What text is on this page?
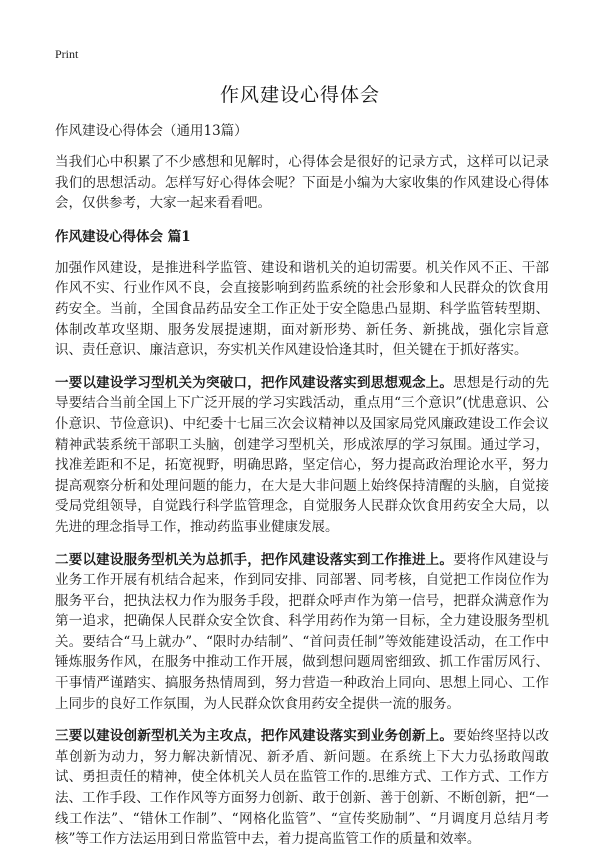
Print
作风建设心得体会
作风建设心得体会（通用13篇）

当我们心中积累了不少感想和见解时，心得体会是很好的记录方式，这样可以记录我们的思想活动。怎样写好心得体会呢？下面是小编为大家收集的作风建设心得体会，仅供参考，大家一起来看看吧。

作风建设心得体会 篇1

加强作风建设，是推进科学监管、建设和谐机关的迫切需要。机关作风不正、干部作风不实、行业作风不良，会直接影响到药监系统的社会形象和人民群众的饮食用药安全。当前，全国食品药品安全工作正处于安全隐患凸显期、科学监管转型期、体制改革攻坚期、服务发展提速期，面对新形势、新任务、新挑战，强化宗旨意识、责任意识、廉洁意识，夯实机关作风建设恰逢其时，但关键在于抓好落实。

一要以建设学习型机关为突破口，把作风建设落实到思想观念上。思想是行动的先导要结合当前全国上下广泛开展的学习实践活动，重点用“三个意识”(忧患意识、公仆意识、节俭意识)、中纪委十七届三次会议精神以及国家局党风廉政建设工作会议精神武装系统干部职工头脑，创建学习型机关，形成浓厚的学习氛围。通过学习，找准差距和不足，拓宽视野，明确思路，坚定信心，努力提高政治理论水平，努力提高观察分析和处理问题的能力，在大是大非问题上始终保持清醒的头脑，自觉接受局党组领导，自觉践行科学监管理念，自觉服务人民群众饮食用药安全大局，以先进的理念指导工作，推动药监事业健康发展。

二要以建设服务型机关为总抓手，把作风建设落实到工作推进上。要将作风建设与业务工作开展有机结合起来，作到同安排、同部署、同考核，自觉把工作岗位作为服务平台，把执法权力作为服务手段，把群众呼声作为第一信号，把群众满意作为第一追求，把确保人民群众安全饮食、科学用药作为第一目标，全力建设服务型机关。要结合“马上就办”、“限时办结制”、“首问责任制”等效能建设活动，在工作中锤炼服务作风，在服务中推动工作开展，做到想问题周密细致、抓工作雷厉风行、干事情严谨踏实、搞服务热情周到，努力营造一种政治上同向、思想上同心、工作上同步的良好工作氛围，为人民群众饮食用药安全提供一流的服务。

三要以建设创新型机关为主攻点，把作风建设落实到业务创新上。要始终坚持以改革创新为动力，努力解决新情况、新矛盾、新问题。在系统上下大力弘扬敢闯敢试、勇担责任的精神，使全体机关人员在监管工作的.思维方式、工作方式、工作方法、工作手段、工作作风等方面努力创新、敢于创新、善于创新、不断创新，把“一线工作法”、“错休工作制”、“网格化监管”、“宣传奖励制”、“月调度月总结月考核”等工作方法运用到日常监管中去，着力提高监管工作的质量和效率。
